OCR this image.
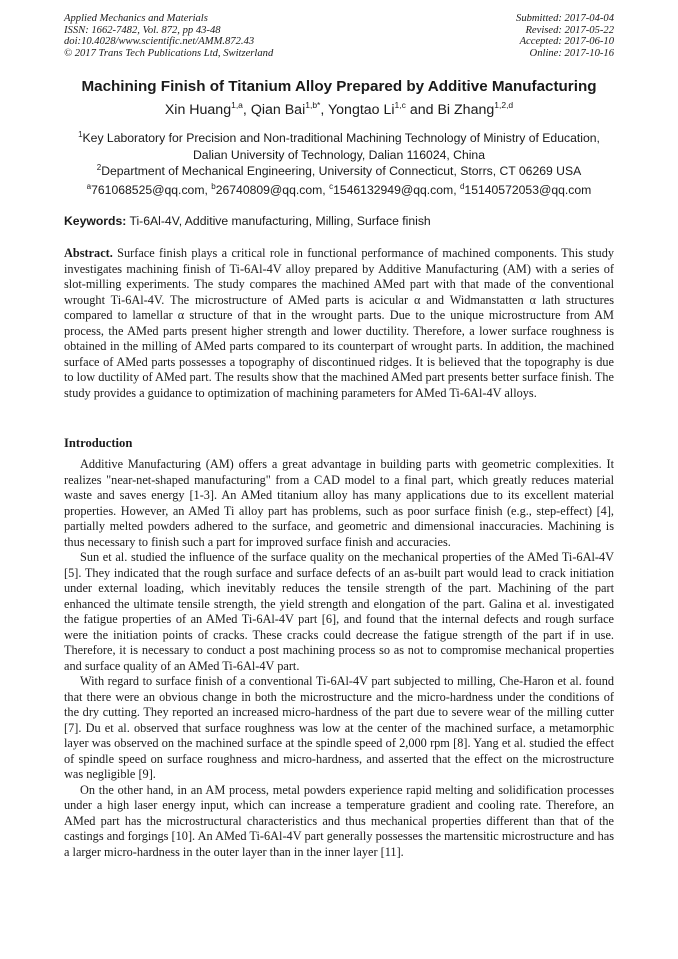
Applied Mechanics and Materials
ISSN: 1662-7482, Vol. 872, pp 43-48
doi:10.4028/www.scientific.net/AMM.872.43
© 2017 Trans Tech Publications Ltd, Switzerland
Submitted: 2017-04-04
Revised: 2017-05-22
Accepted: 2017-06-10
Online: 2017-10-16
Machining Finish of Titanium Alloy Prepared by Additive Manufacturing
Xin Huang$^{1,a}$, Qian Bai$^{1,b*}$, Yongtao Li$^{1,c}$ and Bi Zhang$^{1,2,d}$
$^1$Key Laboratory for Precision and Non-traditional Machining Technology of Ministry of Education,
Dalian University of Technology, Dalian 116024, China
$^2$Department of Mechanical Engineering, University of Connecticut, Storrs, CT 06269 USA
$^a$761068525@qq.com, $^b$26740809@qq.com, $^c$1546132949@qq.com, $^d$15140572053@qq.com
Keywords: Ti-6Al-4V, Additive manufacturing, Milling, Surface finish
Abstract. Surface finish plays a critical role in functional performance of machined components. This study investigates machining finish of Ti-6Al-4V alloy prepared by Additive Manufacturing (AM) with a series of slot-milling experiments. The study compares the machined AMed part with that made of the conventional wrought Ti-6Al-4V. The microstructure of AMed parts is acicular α and Widmanstatten α lath structures compared to lamellar α structure of that in the wrought parts. Due to the unique microstructure from AM process, the AMed parts present higher strength and lower ductility. Therefore, a lower surface roughness is obtained in the milling of AMed parts compared to its counterpart of wrought parts. In addition, the machined surface of AMed parts possesses a topography of discontinued ridges. It is believed that the topography is due to low ductility of AMed part. The results show that the machined AMed part presents better surface finish. The study provides a guidance to optimization of machining parameters for AMed Ti-6Al-4V alloys.
Introduction

Additive Manufacturing (AM) offers a great advantage in building parts with geometric complexities. It realizes "near-net-shaped manufacturing" from a CAD model to a final part, which greatly reduces material waste and saves energy [1-3]. An AMed titanium alloy has many applications due to its excellent material properties. However, an AMed Ti alloy part has problems, such as poor surface finish (e.g., step-effect) [4], partially melted powders adhered to the surface, and geometric and dimensional inaccuracies. Machining is thus necessary to finish such a part for improved surface finish and accuracies.

Sun et al. studied the influence of the surface quality on the mechanical properties of the AMed Ti-6Al-4V [5]. They indicated that the rough surface and surface defects of an as-built part would lead to crack initiation under external loading, which inevitably reduces the tensile strength of the part. Machining of the part enhanced the ultimate tensile strength, the yield strength and elongation of the part. Galina et al. investigated the fatigue properties of an AMed Ti-6Al-4V part [6], and found that the internal defects and rough surface were the initiation points of cracks. These cracks could decrease the fatigue strength of the part if in use. Therefore, it is necessary to conduct a post machining process so as not to compromise mechanical properties and surface quality of an AMed Ti-6Al-4V part.

With regard to surface finish of a conventional Ti-6Al-4V part subjected to milling, Che-Haron et al. found that there were an obvious change in both the microstructure and the micro-hardness under the conditions of the dry cutting. They reported an increased micro-hardness of the part due to severe wear of the milling cutter [7]. Du et al. observed that surface roughness was low at the center of the machined surface, a metamorphic layer was observed on the machined surface at the spindle speed of 2,000 rpm [8]. Yang et al. studied the effect of spindle speed on surface roughness and micro-hardness, and asserted that the effect on the microstructure was negligible [9].

On the other hand, in an AM process, metal powders experience rapid melting and solidification processes under a high laser energy input, which can increase a temperature gradient and cooling rate. Therefore, an AMed part has the microstructural characteristics and thus mechanical properties different than that of the castings and forgings [10]. An AMed Ti-6Al-4V part generally possesses the martensitic microstructure and has a larger micro-hardness in the outer layer than in the inner layer [11].
